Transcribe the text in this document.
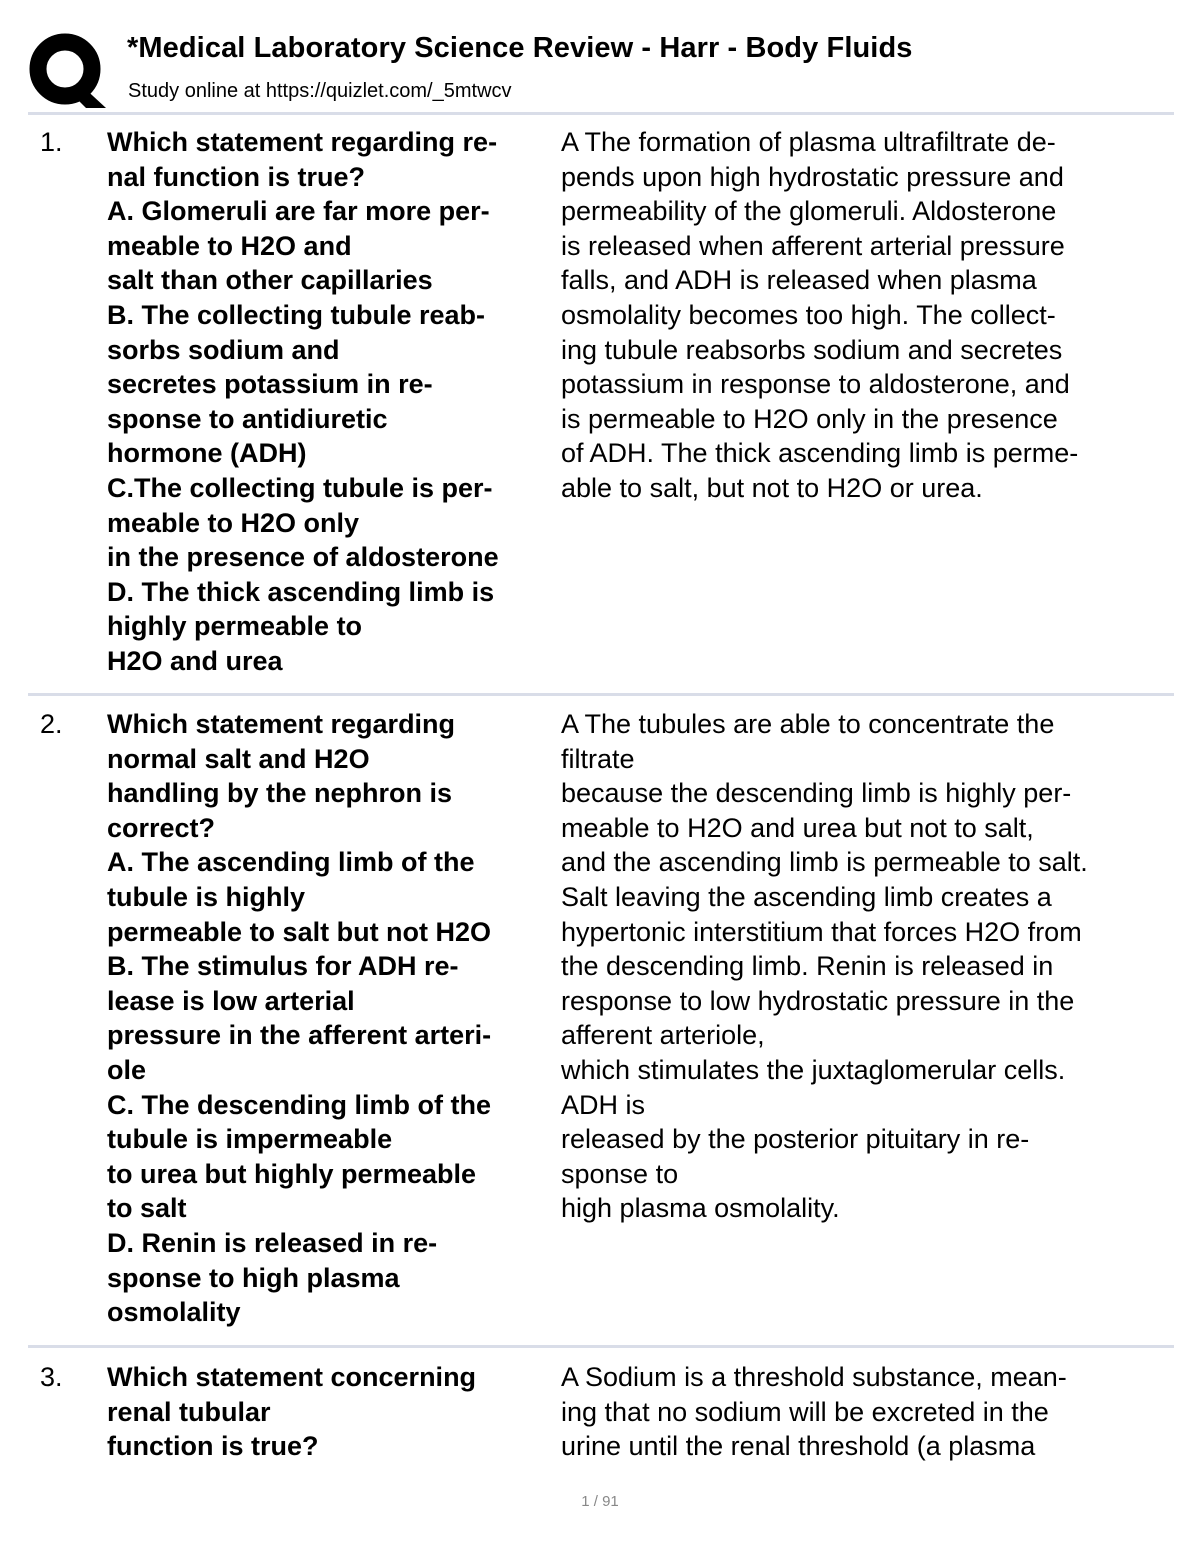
*Medical Laboratory Science Review - Harr - Body Fluids
Study online at https://quizlet.com/_5mtwcv
1. Which statement regarding re-
nal function is true?
A. Glomeruli are far more per-
meable to H2O and
salt than other capillaries
B. The collecting tubule reab-
sorbs sodium and
secretes potassium in re-
sponse to antidiuretic
hormone (ADH)
C.The collecting tubule is per-
meable to H2O only
in the presence of aldosterone
D. The thick ascending limb is
highly permeable to
H2O and urea
A The formation of plasma ultrafiltrate de-
pends upon high hydrostatic pressure and
permeability of the glomeruli. Aldosterone
is released when afferent arterial pressure
falls, and ADH is released when plasma
osmolality becomes too high. The collect-
ing tubule reabsorbs sodium and secretes
potassium in response to aldosterone, and
is permeable to H2O only in the presence
of ADH. The thick ascending limb is perme-
able to salt, but not to H2O or urea.
2. Which statement regarding
normal salt and H2O
handling by the nephron is
correct?
A. The ascending limb of the
tubule is highly
permeable to salt but not H2O
B. The stimulus for ADH re-
lease is low arterial
pressure in the afferent arteri-
ole
C. The descending limb of the
tubule is impermeable
to urea but highly permeable
to salt
D. Renin is released in re-
sponse to high plasma
osmolality
A The tubules are able to concentrate the
filtrate
because the descending limb is highly per-
meable to H2O and urea but not to salt,
and the ascending limb is permeable to salt.
Salt leaving the ascending limb creates a
hypertonic interstitium that forces H2O from
the descending limb. Renin is released in
response to low hydrostatic pressure in the
afferent arteriole,
which stimulates the juxtaglomerular cells.
ADH is
released by the posterior pituitary in re-
sponse to
high plasma osmolality.
3. Which statement concerning
renal tubular
function is true?
A Sodium is a threshold substance, mean-
ing that no sodium will be excreted in the
urine until the renal threshold (a plasma
1 / 91
